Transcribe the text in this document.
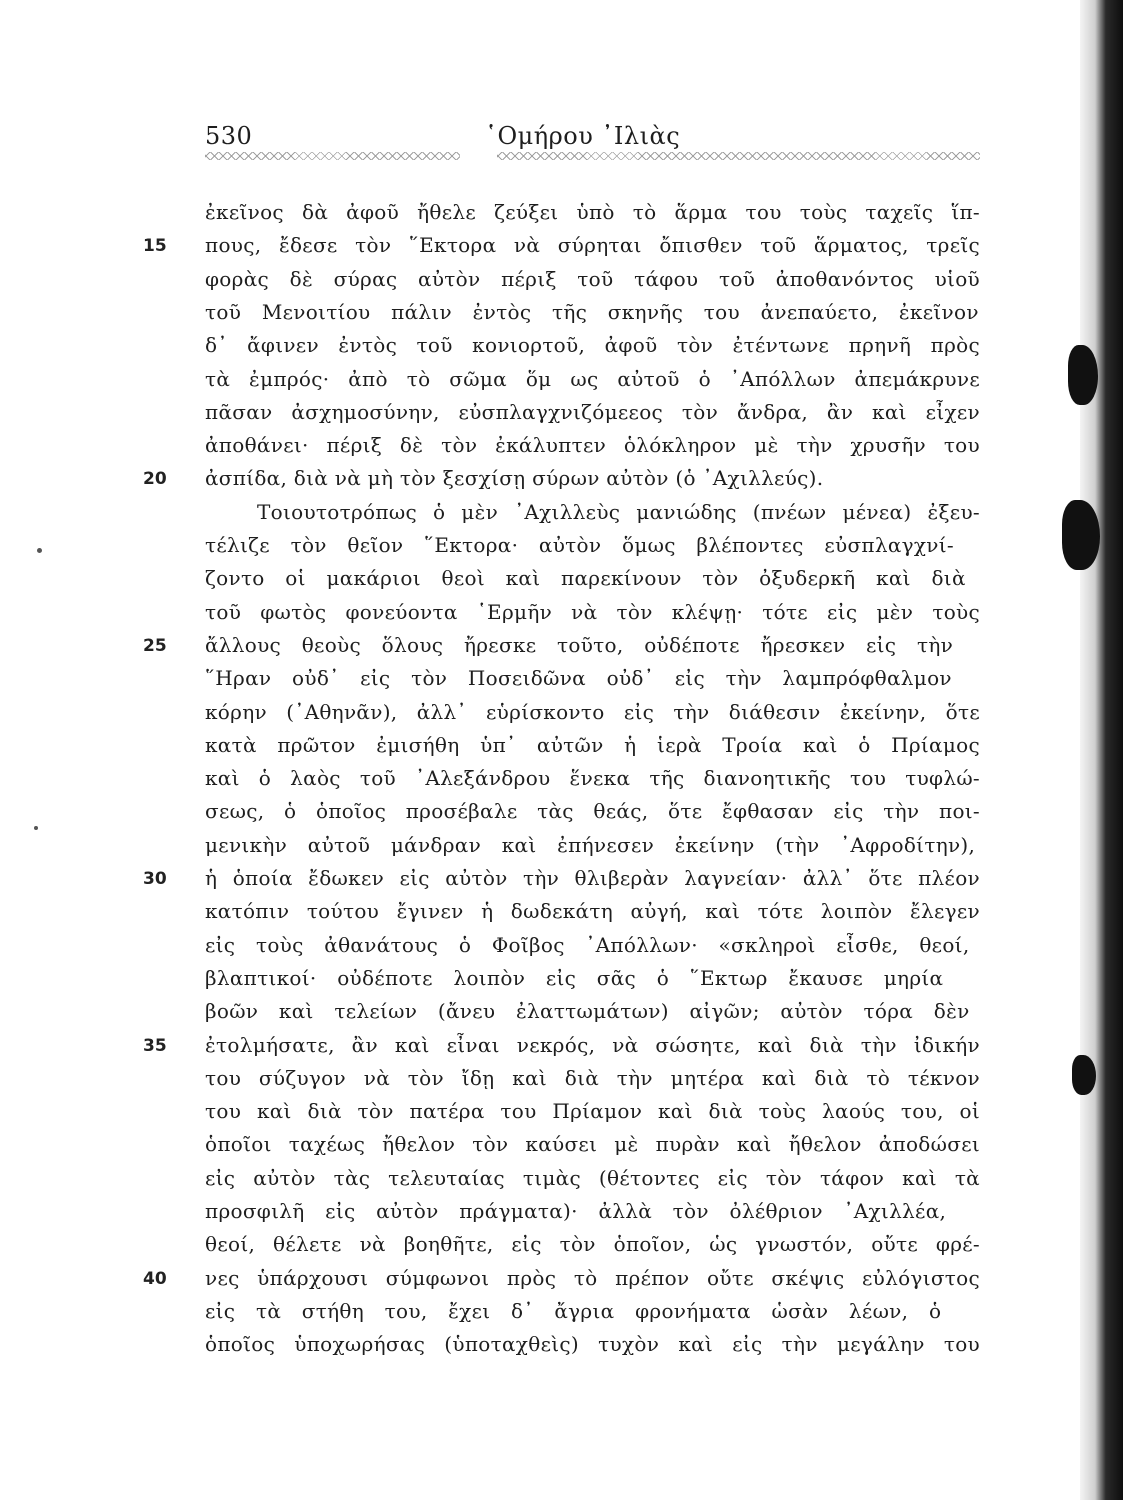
530	῾Ομήρου ᾿Ιλιὰς
ἐκεῖνος δὰ ἀφοῦ ἤθελε ζεύξει ὑπὸ τὸ ἅρμα του τοὺς ταχεῖς ἵπ-
πους, ἔδεσε τὸν ῞Εκτορα νὰ σύρηται ὄπισθεν τοῦ ἅρματος, τρεῖς
φορὰς δὲ σύρας αὐτὸν πέριξ τοῦ τάφου τοῦ ἀποθανόντος υἱοῦ
τοῦ Μενοιτίου πάλιν ἐντὸς τῆς σκηνῆς του ἀνεπαύετο, ἐκεῖνον
δ᾿ ἄφινεν ἐντὸς τοῦ κονιορτοῦ, ἀφοῦ τὸν ἐτέντωνε πρηνῆ πρὸς
τὰ ἐμπρός· ἀπὸ τὸ σῶμα ὅμ ως αὐτοῦ ὁ ᾿Απόλλων ἀπεμάκρυνε
πᾶσαν ἀσχημοσύνην, εὐσπλαγχνιζόμεεος τὸν ἄνδρα, ἂν καὶ εἶχεν
ἀποθάνει· πέριξ δὲ τὸν ἐκάλυπτεν ὁλόκληρον μὲ τὴν χρυσῆν του
ἀσπίδα, διὰ νὰ μὴ τὸν ξεσχίσῃ σύρων αὐτὸν (ὁ ᾿Αχιλλεύς).
Τοιουτοτρόπως ὁ μὲν ᾿Αχιλλεὺς μανιώδης (πνέων μένεα) ἐξευ-
τέλιζε τὸν θεῖον ῞Εκτορα· αὐτὸν ὅμως βλέποντες εὐσπλαγχνί-
ζοντο οἱ μακάριοι θεοὶ καὶ παρεκίνουν τὸν ὀξυδερκῆ καὶ διὰ
τοῦ φωτὸς φονεύοντα ῾Ερμῆν νὰ τὸν κλέψῃ· τότε εἰς μὲν τοὺς
ἄλλους θεοὺς ὅλους ἤρεσκε τοῦτο, οὐδέποτε ἤρεσκεν εἰς τὴν
῞Ηραν οὐδ᾿ εἰς τὸν Ποσειδῶνα οὐδ᾿ εἰς τὴν λαμπρόφθαλμον
κόρην (᾿Αθηνᾶν), ἀλλ᾿ εὑρίσκοντο εἰς τὴν διάθεσιν ἐκείνην, ὅτε
κατὰ πρῶτον ἐμισήθη ὑπ᾿ αὐτῶν ἡ ἱερὰ Τροία καὶ ὁ Πρίαμος
καὶ ὁ λαὸς τοῦ ᾿Αλεξάνδρου ἕνεκα τῆς διανοητικῆς του τυφλώ-
σεως, ὁ ὁποῖος προσέβαλε τὰς θεάς, ὅτε ἔφθασαν εἰς τὴν ποι-
μενικὴν αὐτοῦ μάνδραν καὶ ἐπήνεσεν ἐκείνην (τὴν ᾿Αφροδίτην),
ἡ ὁποία ἔδωκεν εἰς αὐτὸν τὴν θλιβερὰν λαγνείαν· ἀλλ᾿ ὅτε πλέον
κατόπιν τούτου ἔγινεν ἡ δωδεκάτη αὐγή, καὶ τότε λοιπὸν ἔλεγεν
εἰς τοὺς ἀθανάτους ὁ Φοῖβος ᾿Απόλλων· «σκληροὶ εἶσθε, θεοί,
βλαπτικοί· οὐδέποτε λοιπὸν εἰς σᾶς ὁ ῞Εκτωρ ἔκαυσε μηρία
βοῶν καὶ τελείων (ἄνευ ἐλαττωμάτων) αἰγῶν; αὐτὸν τόρα δὲν
ἐτολμήσατε, ἂν καὶ εἶναι νεκρός, νὰ σώσητε, καὶ διὰ τὴν ἰδικήν
του σύζυγον νὰ τὸν ἴδῃ καὶ διὰ τὴν μητέρα καὶ διὰ τὸ τέκνον
του καὶ διὰ τὸν πατέρα του Πρίαμον καὶ διὰ τοὺς λαούς του, οἱ
ὁποῖοι ταχέως ἤθελον τὸν καύσει μὲ πυρὰν καὶ ἤθελον ἀποδώσει
εἰς αὐτὸν τὰς τελευταίας τιμὰς (θέτοντες εἰς τὸν τάφον καὶ τὰ
προσφιλῆ εἰς αὐτὸν πράγματα)· ἀλλὰ τὸν ὀλέθριον ᾿Αχιλλέα,
θεοί, θέλετε νὰ βοηθῆτε, εἰς τὸν ὁποῖον, ὡς γνωστόν, οὔτε φρέ-
νες ὑπάρχουσι σύμφωνοι πρὸς τὸ πρέπον οὔτε σκέψις εὐλόγιστος
εἰς τὰ στήθη του, ἔχει δ᾿ ἄγρια φρονήματα ὡσὰν λέων, ὁ
ὁποῖος ὑποχωρήσας (ὑποταχθεὶς) τυχὸν καὶ εἰς τὴν μεγάλην του
15
20
25
30
35
40
